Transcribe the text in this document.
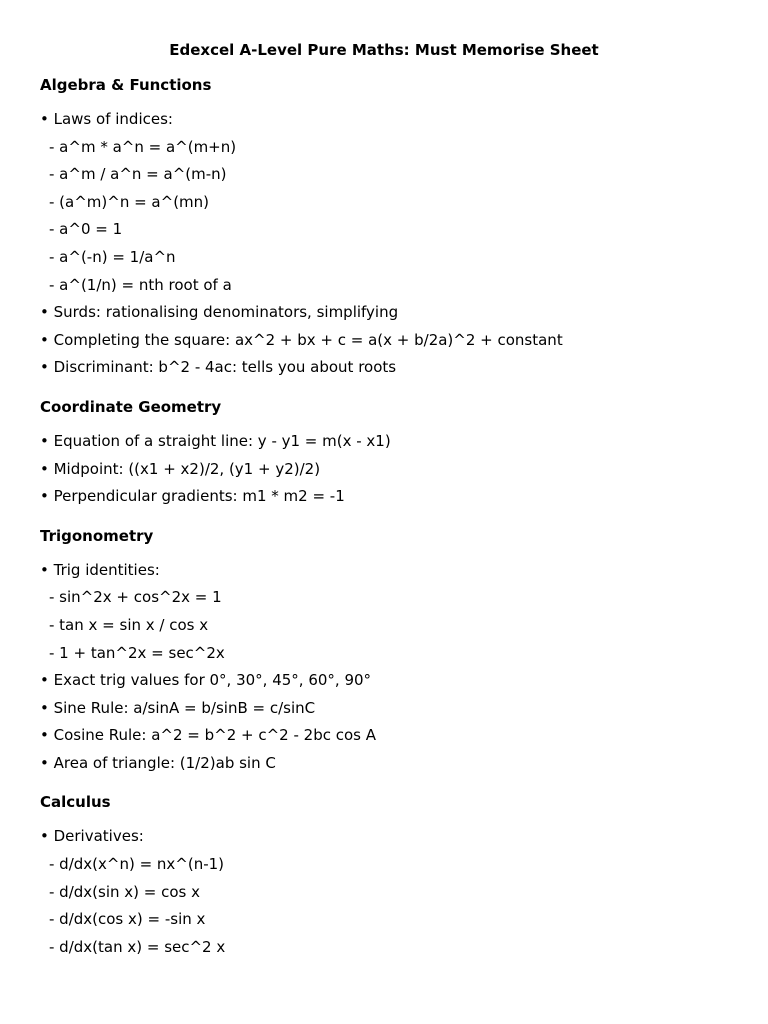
Edexcel A-Level Pure Maths: Must Memorise Sheet
Algebra & Functions
• Laws of indices:
- a^m * a^n = a^(m+n)
- a^m / a^n = a^(m-n)
- (a^m)^n = a^(mn)
- a^0 = 1
- a^(-n) = 1/a^n
- a^(1/n) = nth root of a
• Surds: rationalising denominators, simplifying
• Completing the square: ax^2 + bx + c = a(x + b/2a)^2 + constant
• Discriminant: b^2 - 4ac: tells you about roots
Coordinate Geometry
• Equation of a straight line: y - y1 = m(x - x1)
• Midpoint: ((x1 + x2)/2, (y1 + y2)/2)
• Perpendicular gradients: m1 * m2 = -1
Trigonometry
• Trig identities:
- sin^2x + cos^2x = 1
- tan x = sin x / cos x
- 1 + tan^2x = sec^2x
• Exact trig values for 0°, 30°, 45°, 60°, 90°
• Sine Rule: a/sinA = b/sinB = c/sinC
• Cosine Rule: a^2 = b^2 + c^2 - 2bc cos A
• Area of triangle: (1/2)ab sin C
Calculus
• Derivatives:
- d/dx(x^n) = nx^(n-1)
- d/dx(sin x) = cos x
- d/dx(cos x) = -sin x
- d/dx(tan x) = sec^2 x
